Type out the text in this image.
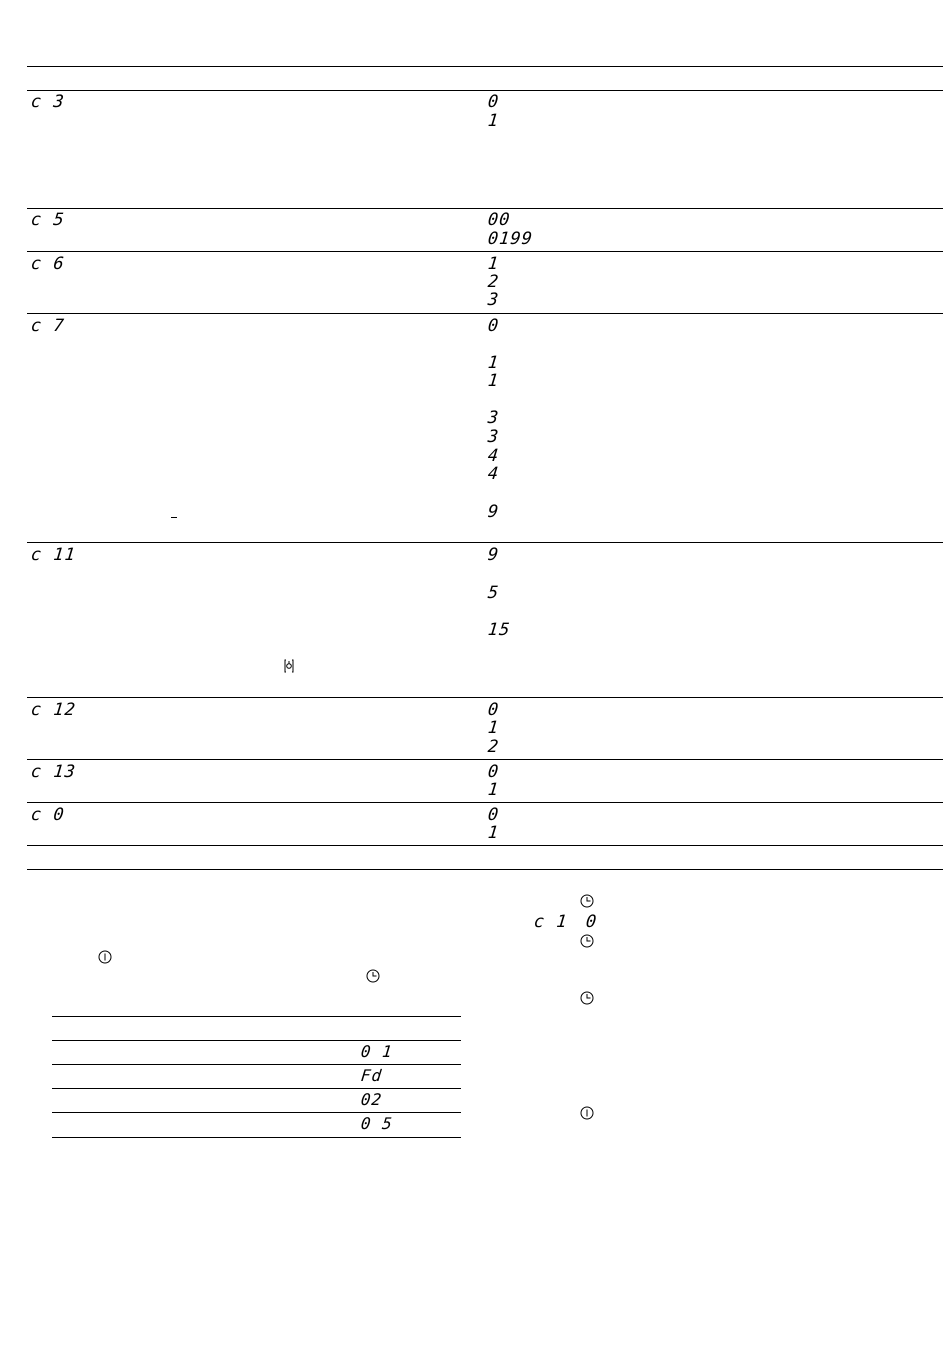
c 3	0
1
c 5	00
0199
c 6	1
2
3
c 7	0
1
1
3
3
4
4
9
c 11	9
5
15
c 12	0
1
2
c 13	0
1
c 0	0
1
0 1
Fd
02
0 5
c 1 0
